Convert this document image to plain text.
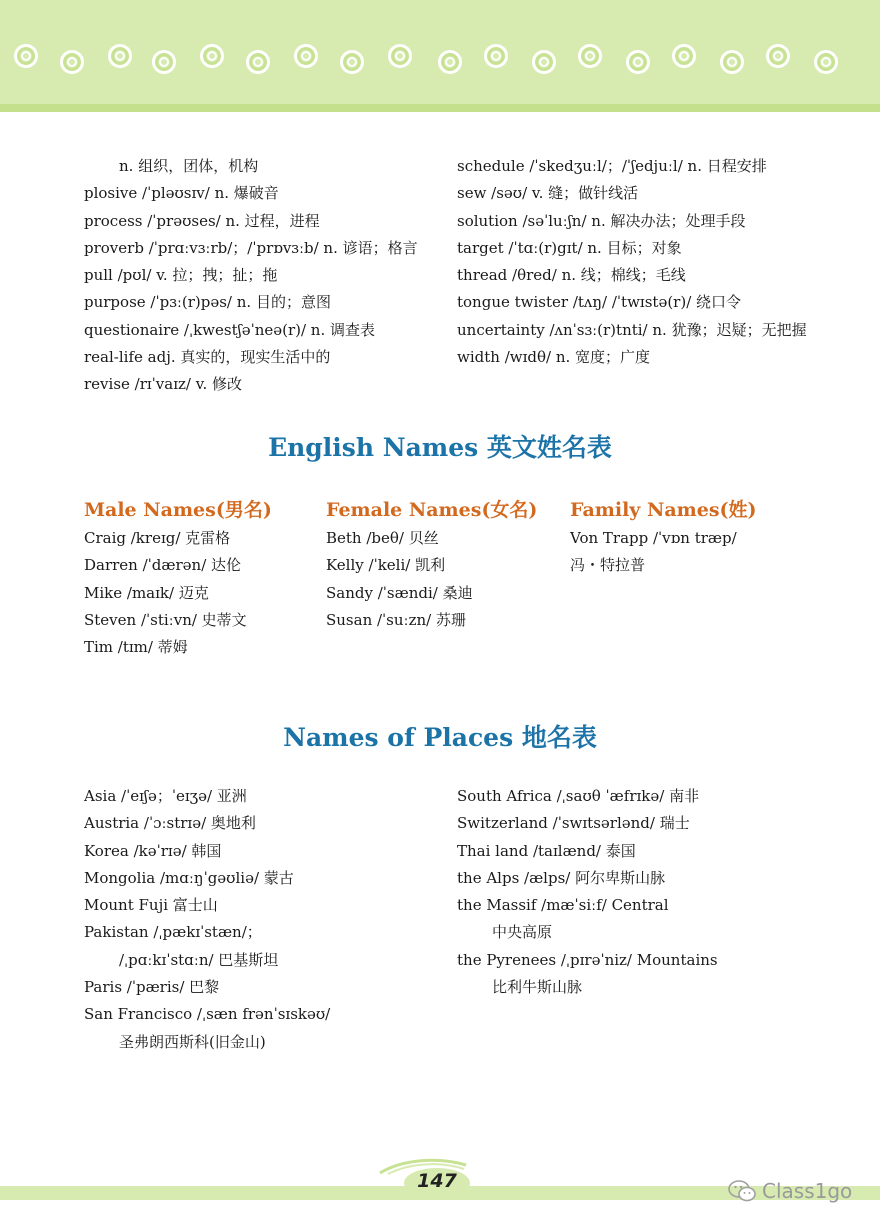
n. 组织，团体，机构
plosive /ˈpləʊsɪv/ n. 爆破音
process /ˈprəʊses/ n. 过程，进程
proverb /ˈprɑːvɜːrb/；/ˈprɒvɜːb/ n. 谚语；格言
pull /pʊl/ v. 拉；拽；扯；拖
purpose /ˈpɜː(r)pəs/ n. 目的；意图
questionaire /ˌkwestʃəˈneə(r)/ n. 调查表
real-life adj. 真实的，现实生活中的
revise /rɪˈvaɪz/ v. 修改
schedule /ˈskedʒuːl/；/ˈʃedjuːl/ n. 日程安排
sew /səʊ/ v. 缝；做针线活
solution /səˈluːʃn/ n. 解决办法；处理手段
target /ˈtɑː(r)gɪt/ n. 目标；对象
thread /θred/ n. 线；棉线；毛线
tongue twister /tʌŋ/ /ˈtwɪstə(r)/ 绕口令
uncertainty /ʌnˈsɜː(r)tnti/ n. 犹豫；迟疑；无把握
width /wɪdθ/ n. 宽度；广度
English Names 英文姓名表
Male Names(男名)	Female Names(女名) Family Names(姓)
Craig /kreɪg/ 克雷格
Darren /ˈdærən/ 达伦
Mike /maɪk/ 迈克
Steven /ˈstiːvn/ 史蒂文
Tim /tɪm/ 蒂姆
Beth /beθ/ 贝丝
Kelly /ˈkeli/ 凯利
Sandy /ˈsændi/ 桑迪
Susan /ˈsuːzn/ 苏珊
Von Trapp /ˈvɒn træp/
冯・特拉普
Names of Places 地名表
Asia /ˈeɪʃə；ˈeɪʒə/ 亚洲
Austria /ˈɔːstrɪə/ 奥地利
Korea /kəˈrɪə/ 韩国
Mongolia /mɑːŋˈgəʊliə/ 蒙古
Mount Fuji 富士山
Pakistan /ˌpækɪˈstæn/；
/ˌpɑːkɪˈstɑːn/ 巴基斯坦
Paris /ˈpæris/ 巴黎
San Francisco /ˌsæn frənˈsɪskəʊ/
圣弗朗西斯科(旧金山)
South Africa /ˌsaʊθ ˈæfrɪkə/ 南非
Switzerland /ˈswɪtsərlənd/ 瑞士
Thai land /taɪlænd/ 泰国
the Alps /ælps/ 阿尔卑斯山脉
the Massif /mæˈsiːf/ Central
中央高原
the Pyrenees /ˌpɪrəˈniz/ Mountains
比利牛斯山脉
147	Class1go
